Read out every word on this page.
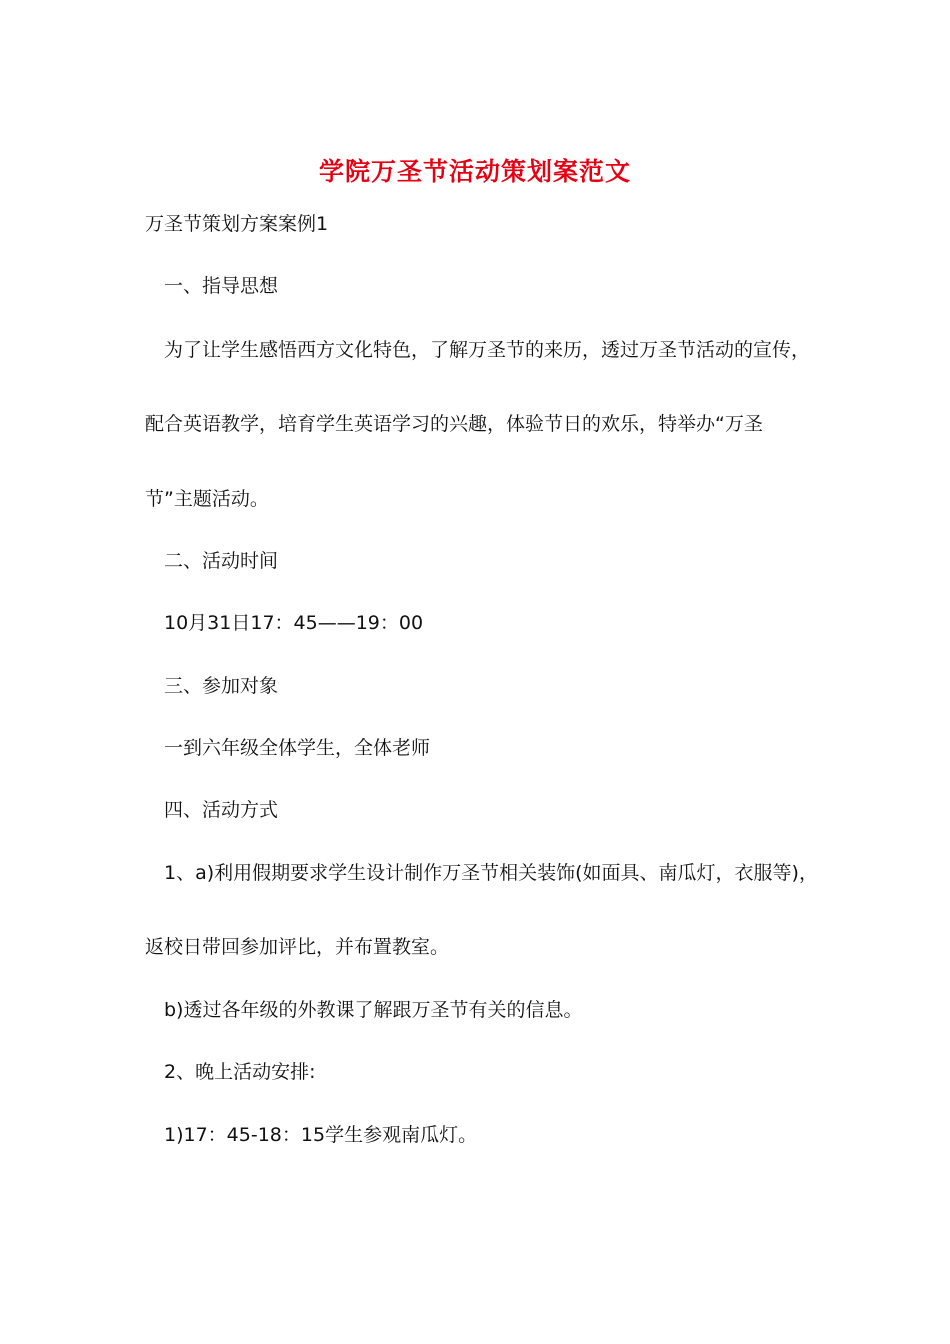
学院万圣节活动策划案范文
万圣节策划方案案例1
一、指导思想
为了让学生感悟西方文化特色，了解万圣节的来历，透过万圣节活动的宣传，
配合英语教学，培育学生英语学习的兴趣，体验节日的欢乐，特举办“万圣
节”主题活动。
二、活动时间
10月31日17：45——19：00
三、参加对象
一到六年级全体学生，全体老师
四、活动方式
1、a)利用假期要求学生设计制作万圣节相关装饰(如面具、南瓜灯，衣服等)，
返校日带回参加评比，并布置教室。
b)透过各年级的外教课了解跟万圣节有关的信息。
2、晚上活动安排:
1)17：45-18：15学生参观南瓜灯。
